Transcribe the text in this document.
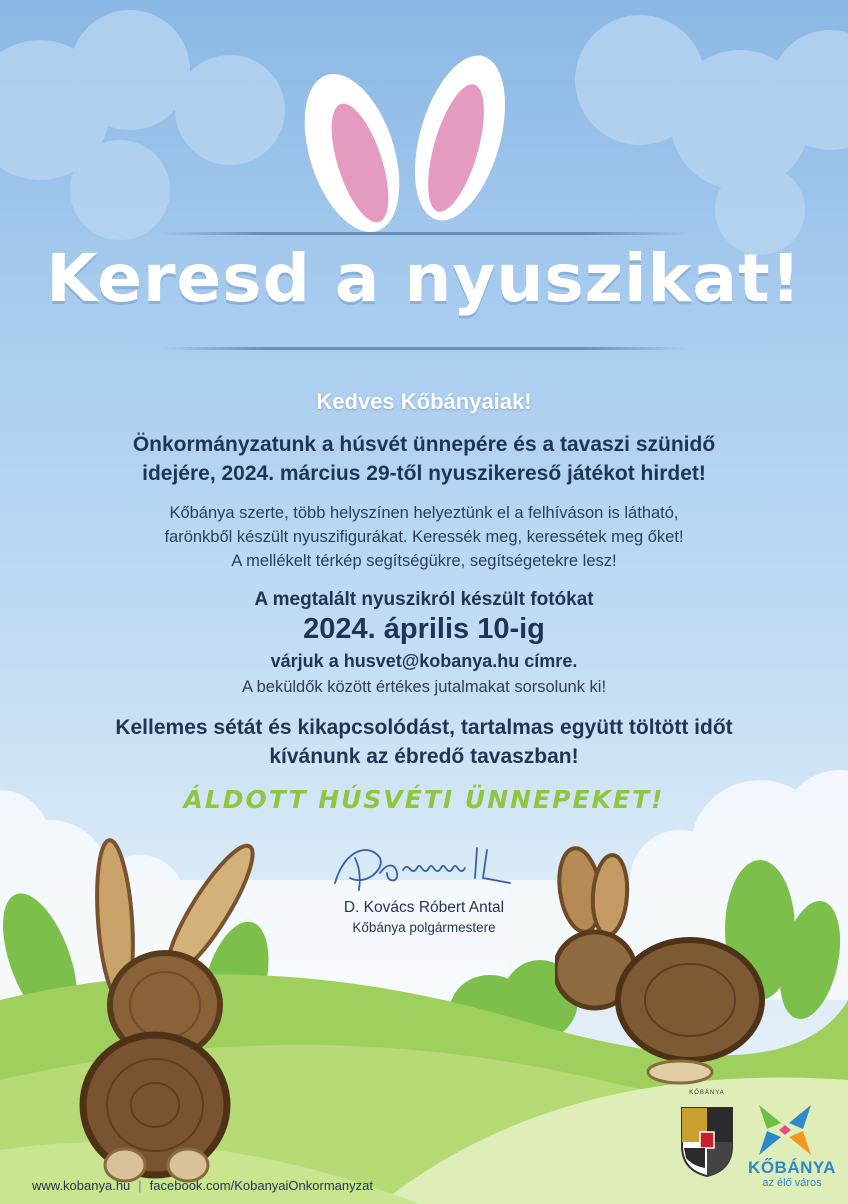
Keresd a nyuszikat!
Kedves Kőbányaiak!
Önkormányzatunk a húsvét ünnepére és a tavaszi szünidő
idejére, 2024. március 29-től nyuszikereső játékot hirdet!
Kőbánya szerte, több helyszínen helyeztünk el a felhíváson is látható,
farönkből készült nyuszifigurákat. Keressék meg, keressétek meg őket!
A mellékelt térkép segítségükre, segítségetekre lesz!
A megtalált nyuszikról készült fotókat
2024. április 10-ig
várjuk a husvet@kobanya.hu címre.
A beküldők között értékes jutalmakat sorsolunk ki!
Kellemes sétát és kikapcsolódást, tartalmas együtt töltött időt
kívánunk az ébredő tavaszban!
ÁLDOTT HÚSVÉTI ÜNNEPEKET!
D. Kovács Róbert Antal
Kőbánya polgármestere
KŐBÁNYA
KŐBÁNYA
az élő város
www.kobanya.hu | facebook.com/KobanyaiOnkormanyzat
